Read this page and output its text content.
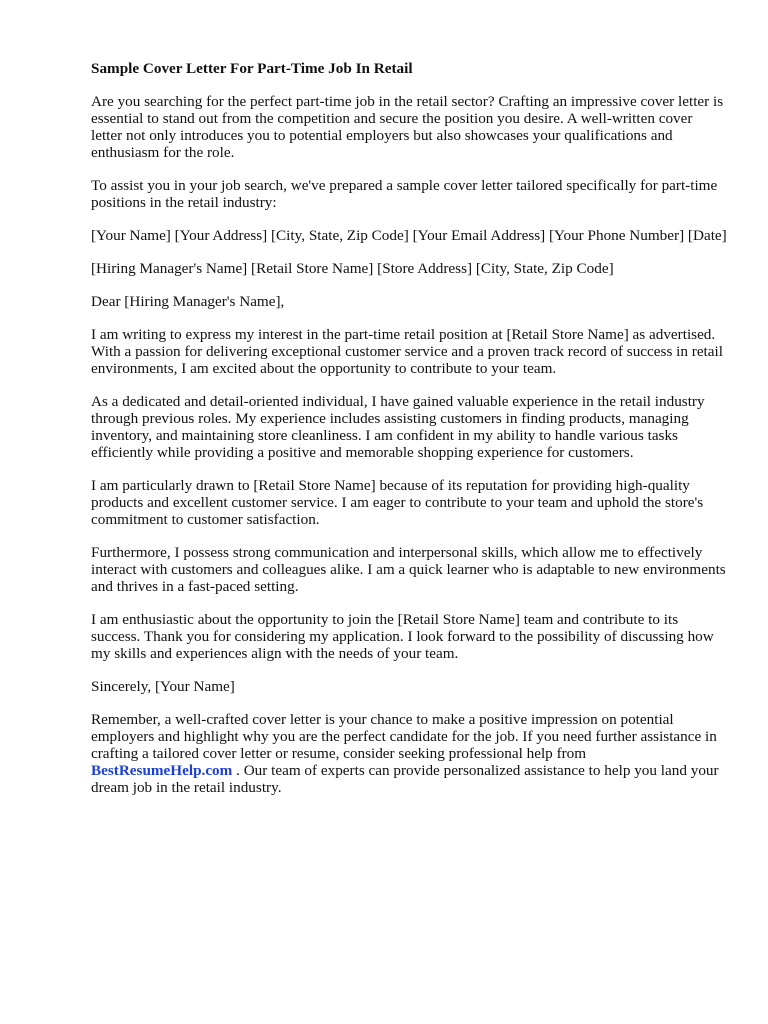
Sample Cover Letter For Part-Time Job In Retail

Are you searching for the perfect part-time job in the retail sector? Crafting an impressive cover letter is essential to stand out from the competition and secure the position you desire. A well-written cover letter not only introduces you to potential employers but also showcases your qualifications and enthusiasm for the role.

To assist you in your job search, we've prepared a sample cover letter tailored specifically for part-time positions in the retail industry:

[Your Name] [Your Address] [City, State, Zip Code] [Your Email Address] [Your Phone Number] [Date]

[Hiring Manager's Name] [Retail Store Name] [Store Address] [City, State, Zip Code]

Dear [Hiring Manager's Name],

I am writing to express my interest in the part-time retail position at [Retail Store Name] as advertised. With a passion for delivering exceptional customer service and a proven track record of success in retail environments, I am excited about the opportunity to contribute to your team.

As a dedicated and detail-oriented individual, I have gained valuable experience in the retail industry through previous roles. My experience includes assisting customers in finding products, managing inventory, and maintaining store cleanliness. I am confident in my ability to handle various tasks efficiently while providing a positive and memorable shopping experience for customers.

I am particularly drawn to [Retail Store Name] because of its reputation for providing high-quality products and excellent customer service. I am eager to contribute to your team and uphold the store's commitment to customer satisfaction.

Furthermore, I possess strong communication and interpersonal skills, which allow me to effectively interact with customers and colleagues alike. I am a quick learner who is adaptable to new environments and thrives in a fast-paced setting.

I am enthusiastic about the opportunity to join the [Retail Store Name] team and contribute to its success. Thank you for considering my application. I look forward to the possibility of discussing how my skills and experiences align with the needs of your team.

Sincerely, [Your Name]

Remember, a well-crafted cover letter is your chance to make a positive impression on potential employers and highlight why you are the perfect candidate for the job. If you need further assistance in crafting a tailored cover letter or resume, consider seeking professional help from BestResumeHelp.com . Our team of experts can provide personalized assistance to help you land your dream job in the retail industry.
